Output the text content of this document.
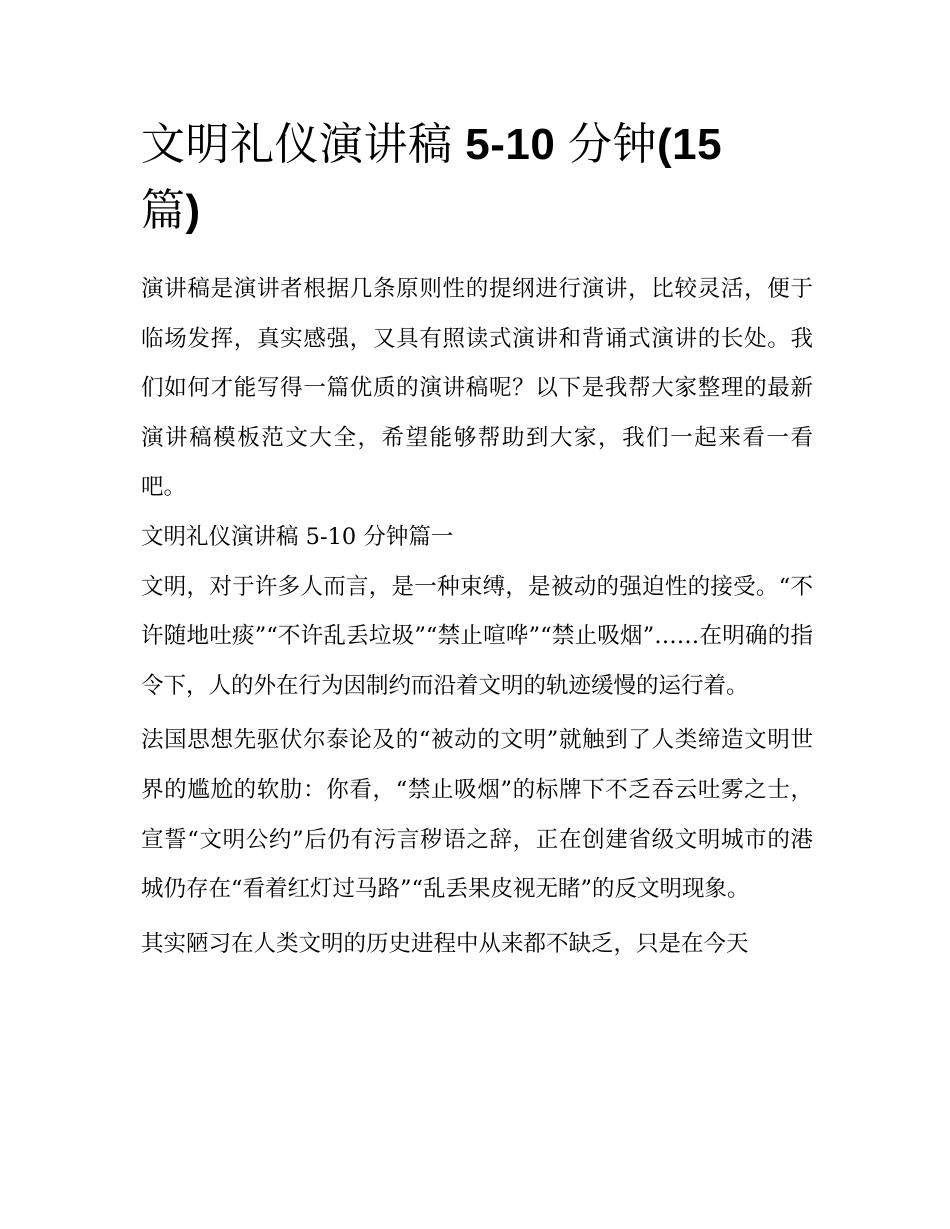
文明礼仪演讲稿 5-10 分钟(15
篇)

演讲稿是演讲者根据几条原则性的提纲进行演讲，比较灵活，便于临场发挥，真实感强，又具有照读式演讲和背诵式演讲的长处。我们如何才能写得一篇优质的演讲稿呢？以下是我帮大家整理的最新演讲稿模板范文大全，希望能够帮助到大家，我们一起来看一看吧。

文明礼仪演讲稿 5-10 分钟篇一

文明，对于许多人而言，是一种束缚，是被动的强迫性的接受。“不许随地吐痰”“不许乱丢垃圾”“禁止喧哗”“禁止吸烟”……在明确的指令下，人的外在行为因制约而沿着文明的轨迹缓慢的运行着。

法国思想先驱伏尔泰论及的“被动的文明”就触到了人类缔造文明世界的尴尬的软肋：你看，“禁止吸烟”的标牌下不乏吞云吐雾之士，宣誓“文明公约”后仍有污言秽语之辞，正在创建省级文明城市的港城仍存在“看着红灯过马路”“乱丢果皮视无睹”的反文明现象。

其实陋习在人类文明的历史进程中从来都不缺乏，只是在今天
